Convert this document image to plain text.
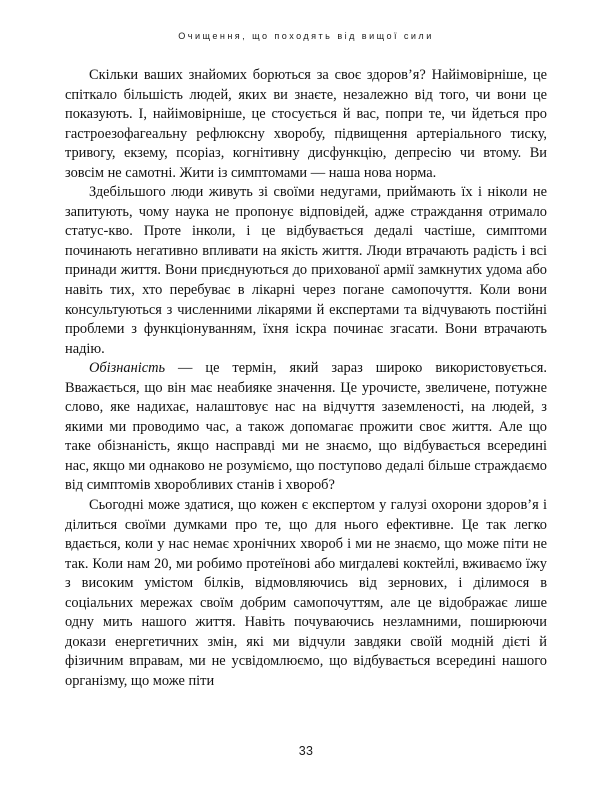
Очищення, що походять від вищої сили

Скільки ваших знайомих борються за своє здоров’я? Найімовірніше, це спіткало більшість людей, яких ви знаєте, незалежно від того, чи вони це показують. І, найімовірніше, це стосується й вас, попри те, чи йдеться про гастроезофагеальну рефлюксну хворобу, підвищення артеріального тиску, тривогу, екзему, псоріаз, когнітивну дисфункцію, депресію чи втому. Ви зовсім не самотні. Жити із симптомами — наша нова норма.

Здебільшого люди живуть зі своїми недугами, приймають їх і ніколи не запитують, чому наука не пропонує відповідей, адже страждання отримало статус-кво. Проте інколи, і це відбувається дедалі частіше, симптоми починають негативно впливати на якість життя. Люди втрачають радість і всі принади життя. Вони приєднуються до прихованої армії замкнутих удома або навіть тих, хто перебуває в лікарні через погане самопочуття. Коли вони консультуються з численними лікарями й експертами та відчувають постійні проблеми з функціонуванням, їхня іскра починає згасати. Вони втрачають надію.

Обізнаність — це термін, який зараз широко використовується. Вважається, що він має неабияке значення. Це урочисте, звеличене, потужне слово, яке надихає, налаштовує нас на відчуття заземленості, на людей, з якими ми проводимо час, а також допомагає прожити своє життя. Але що таке обізнаність, якщо насправді ми не знаємо, що відбувається всередині нас, якщо ми однаково не розуміємо, що поступово дедалі більше страждаємо від симптомів хворобливих станів і хвороб?

Сьогодні може здатися, що кожен є експертом у галузі охорони здоров’я і ділиться своїми думками про те, що для нього ефективне. Це так легко вдається, коли у нас немає хронічних хвороб і ми не знаємо, що може піти не так. Коли нам 20, ми робимо протеїнові або мигдалеві коктейлі, вживаємо їжу з високим умістом білків, відмовляючись від зернових, і ділимося в соціальних мережах своїм добрим самопочуттям, але це відображає лише одну мить нашого життя. Навіть почуваючись незламними, поширюючи докази енергетичних змін, які ми відчули завдяки своїй модній дієті й фізичним вправам, ми не усвідомлюємо, що відбувається всередині нашого організму, що може піти

33
